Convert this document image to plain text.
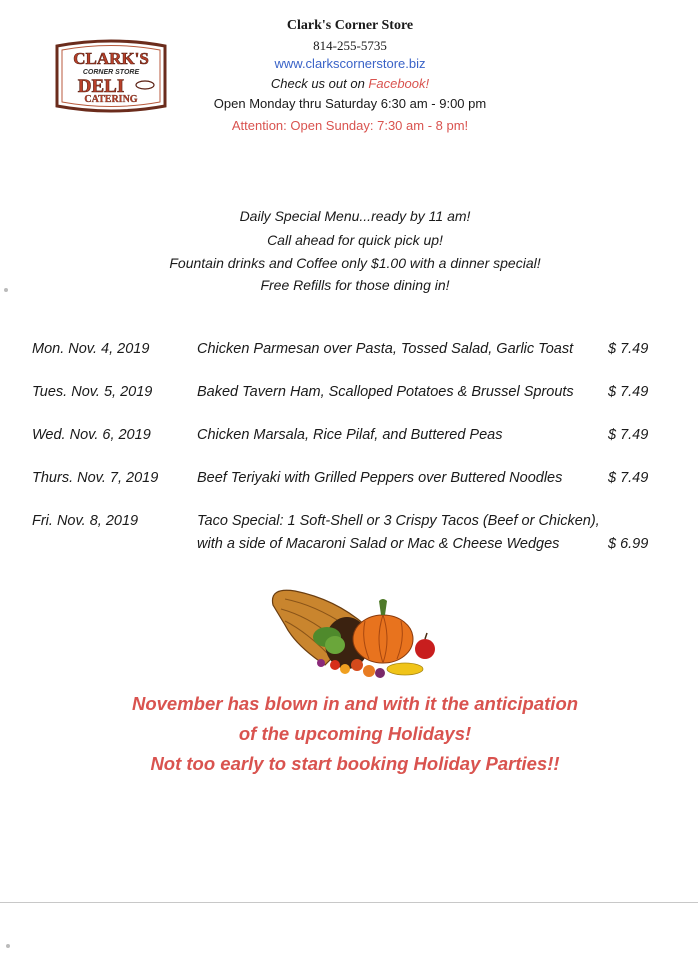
CLARK'S
CORNER STORE
DELI
CATERING
Clark's Corner Store
814-255-5735
www.clarkscornerstore.biz
Check us out on Facebook!
Open Monday thru Saturday 6:30 am - 9:00 pm
Attention: Open Sunday: 7:30 am - 8 pm!
Daily Special Menu...ready by 11 am!
Call ahead for quick pick up!
Fountain drinks and Coffee only $1.00 with a dinner special!
Free Refills for those dining in!
Mon. Nov. 4, 2019	Chicken Parmesan over Pasta, Tossed Salad, Garlic Toast $ 7.49
Tues. Nov. 5, 2019	Baked Tavern Ham, Scalloped Potatoes & Brussel Sprouts $ 7.49
Wed. Nov. 6, 2019	Chicken Marsala, Rice Pilaf, and Buttered Peas	$ 7.49
Thurs. Nov. 7, 2019	Beef Teriyaki with Grilled Peppers over Buttered Noodles	$ 7.49
Fri. Nov. 8, 2019	Taco Special: 1 Soft-Shell or 3 Crispy Tacos (Beef or Chicken),
with a side of Macaroni Salad or Mac & Cheese Wedges	$ 6.99
November has blown in and with it the anticipation
of the upcoming Holidays!
Not too early to start booking Holiday Parties!!
